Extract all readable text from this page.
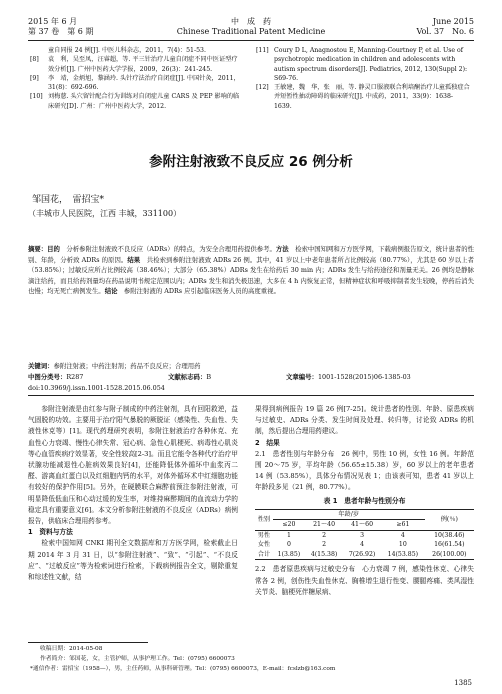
2015 年 6 月
第 37 卷　第 6 期
中　成　药
Chinese Traditional Patent Medicine
June 2015
Vol. 37　No. 6
童自同报 24 例[J]. 中医儿科杂志，2011，7(4)：51-53.
[8]	袁　利，吴至凤，汪睿超，等. 平三针治疗儿童自闭症不同中医证型疗效分析[J]. 广州中医药大学学报，2009，26(3)：241-245.
[9]	李　靖，金炳旭，黎涵玲. 头针疗法治疗自闭症[J]. 中国针灸，2011，31(8)：692-696.
[10] 刘梅慈. 头穴留针配合行为训练对自闭症儿童 CARS 及 PEP 影响的临床研究[D]. 广州：广州中医药大学，2012.
[11] Coury D L, Anagnostou E, Manning-Courtney P, et al. Use of psychotropic medication in children and adolescents with autism spectrum disorders[J]. Pediatrics, 2012, 130(Suppl 2): S69-76.
[12] 王敏建，魏　华，张　丽，等. 静灵口服液联合利培酮治疗儿童孤独症合并短暂性抽动障碍的临床研究[J]. 中成药，2011，33(9)：1638-1639.
参附注射液致不良反应 26 例分析
邹国花，　雷招宝*
（丰城市人民医院，江西 丰城，331100）
摘要：目的　 分析参附注射液致不良反应（ADRs）的特点，为安全合理用药提供参考。方法　 检索中国知网和万方医学网，下载病例报告原文，统计患者的性别、年龄，分析致 ADRs 的原因。结果　 共检索到参附注射液致 ADRs 26 例。其中，41 岁以上中老年患者所占比例较高（80.77%），尤其是 60 岁以上者（53.85%）；过敏反应所占比例较高（38.46%）；大部分（65.38%）ADRs 发生在给药后 30 min 内；ADRs 发生与给药途径和剂量无关。26 例均是静脉滴注给药，而且给药剂量均在药品说明书规定范围以内；ADRs 发生和消失极迅速，大多在 4 h 内恢复正常，但精神症状和呼吸抑制者发生较晚，停药后消失也慢；均无死亡病例发生。结论　 参附注射液的 ADRs 应引起临床医务人员的高度重视。
关键词：参附注射液；中药注射剂；药品不良反应；合理用药
中图分类号：R287	文献标志码：B	文章编号：1001-1528(2015)06-1385-03
doi:10.3969/j.issn.1001-1528.2015.06.054

参附注射液是由红参与附子制成的中药注射剂，具有回阳救逆，益气固脱的功效。主要用于治疗阳气暴脱的厥脱证（感染性、失血性、失液性休克等）[1]。现代药理研究表明，参附注射液治疗各种休克、充血性心力衰竭、慢性心律失常、冠心病、急性心肌梗死、病毒性心肌炎等心血管疾病疗效显著，安全性较高[2-3]。而且它能令各种代疗治疗甲状腺功能减退性心脏病效果良好[4]，还能降低体外循环中血浆丙二醛、游离血红蛋白以及红细胞内钙的水平，对体外循环术中红细胞功能有较好的保护作用[5]。另外，在硬膜联合麻醉前预注参附注射液，可明显降低低血压和心动过缓的发生率，对维持麻醉期间的血流动力学的稳定具有重要意义[6]。本文分析参附注射液的不良反应（ADRs）病例报告，供临床合理用药参考。

1　资料与方法

检索中国知网 CNKI 期刊全文数据库和万方医学网，检索截止日期 2014 年 3 月 31 日，以“参附注射液”、“致”、“引起”、“不良反应”、“过敏反应”等为检索词进行检索，下载病例报告全文，剔除重复和综述性文献，结

果得到病例报告 19 篇 26 例[7-25]。统计患者的性别、年龄、原患疾病与过敏史、ADRs 分类、发生时间及处理、转归等，讨论致 ADRs 的机制，然后提出合理用药建议。

2　结果

2.1　患者性别与年龄分布　26 例中，男性 10 例，女性 16 例。年龄范围 20～75 岁，平均年龄（56.65±15.38）岁，60 岁以上的老年患者 14 例（53.85%），具体分布情况见表 1；由该表可知，患者 41 岁以上年龄段多见（21 例，80.77%）。

表 1　患者年龄与性别分布
性别	年龄/岁				例(％)
	≤20	21～40	41～60	≥61	
男性	1	2	3	4	10(38.46)
女性	0	2	4	10	16(61.54)
合计	1(3.85)	4(15.38)	7(26.92)	14(53.85)	26(100.00)

2.2　患者原患疾病与过敏史分布　心力衰竭 7 例，感染性休克、心律失常各 2 例，创伤性失血性休克、胸椎增生退行性变、腰腿疼痛、类风湿性关节炎、脑梗死伴糖尿病、

收稿日期：2014-05-08
作者简介：邹国花，女，主管护师，从事护理工作。Tel：(0795) 6600073
*通信作者：雷招宝（1958—），男，主任药师，从事科研管理。Tel：(0795) 6600073，E-mail：fcslzb@163.com
1385
